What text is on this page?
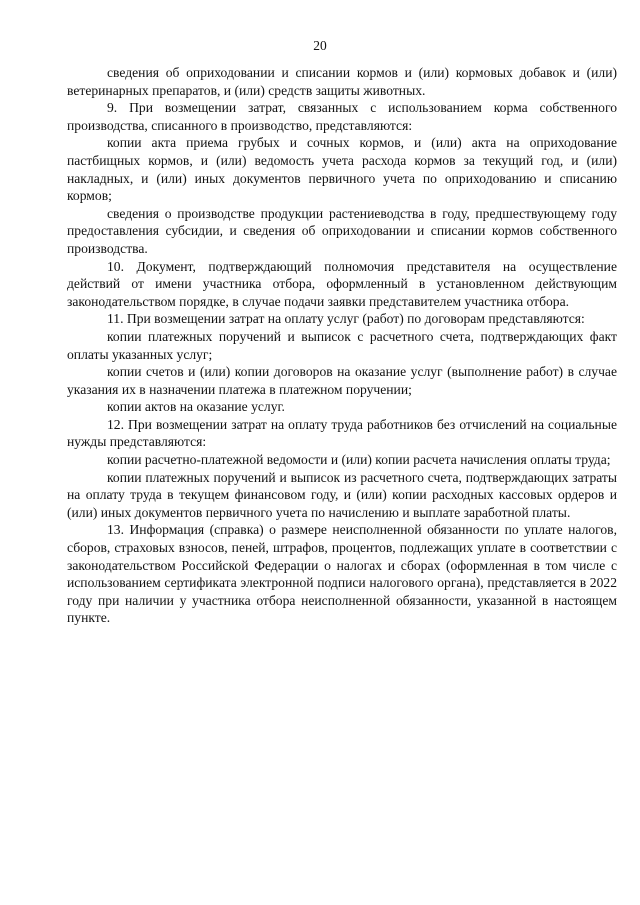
20

сведения об оприходовании и списании кормов и (или) кормовых добавок и (или) ветеринарных препаратов, и (или) средств защиты животных.

9. При возмещении затрат, связанных с использованием корма собственного производства, списанного в производство, представляются:

копии акта приема грубых и сочных кормов, и (или) акта на оприходование пастбищных кормов, и (или) ведомость учета расхода кормов за текущий год, и (или) накладных, и (или) иных документов первичного учета по оприходованию и списанию кормов;

сведения о производстве продукции растениеводства в году, предшествующему году предоставления субсидии, и сведения об оприходовании и списании кормов собственного производства.

10. Документ, подтверждающий полномочия представителя на осуществление действий от имени участника отбора, оформленный в установленном действующим законодательством порядке, в случае подачи заявки представителем участника отбора.

11. При возмещении затрат на оплату услуг (работ) по договорам представляются:

копии платежных поручений и выписок с расчетного счета, подтверждающих факт оплаты указанных услуг;

копии счетов и (или) копии договоров на оказание услуг (выполнение работ) в случае указания их в назначении платежа в платежном поручении;

копии актов на оказание услуг.

12. При возмещении затрат на оплату труда работников без отчислений на социальные нужды представляются:

копии расчетно-платежной ведомости и (или) копии расчета начисления оплаты труда;

копии платежных поручений и выписок из расчетного счета, подтверждающих затраты на оплату труда в текущем финансовом году, и (или) копии расходных кассовых ордеров и (или) иных документов первичного учета по начислению и выплате заработной платы.

13. Информация (справка) о размере неисполненной обязанности по уплате налогов, сборов, страховых взносов, пеней, штрафов, процентов, подлежащих уплате в соответствии с законодательством Российской Федерации о налогах и сборах (оформленная в том числе с использованием сертификата электронной подписи налогового органа), представляется в 2022 году при наличии у участника отбора неисполненной обязанности, указанной в настоящем пункте.
